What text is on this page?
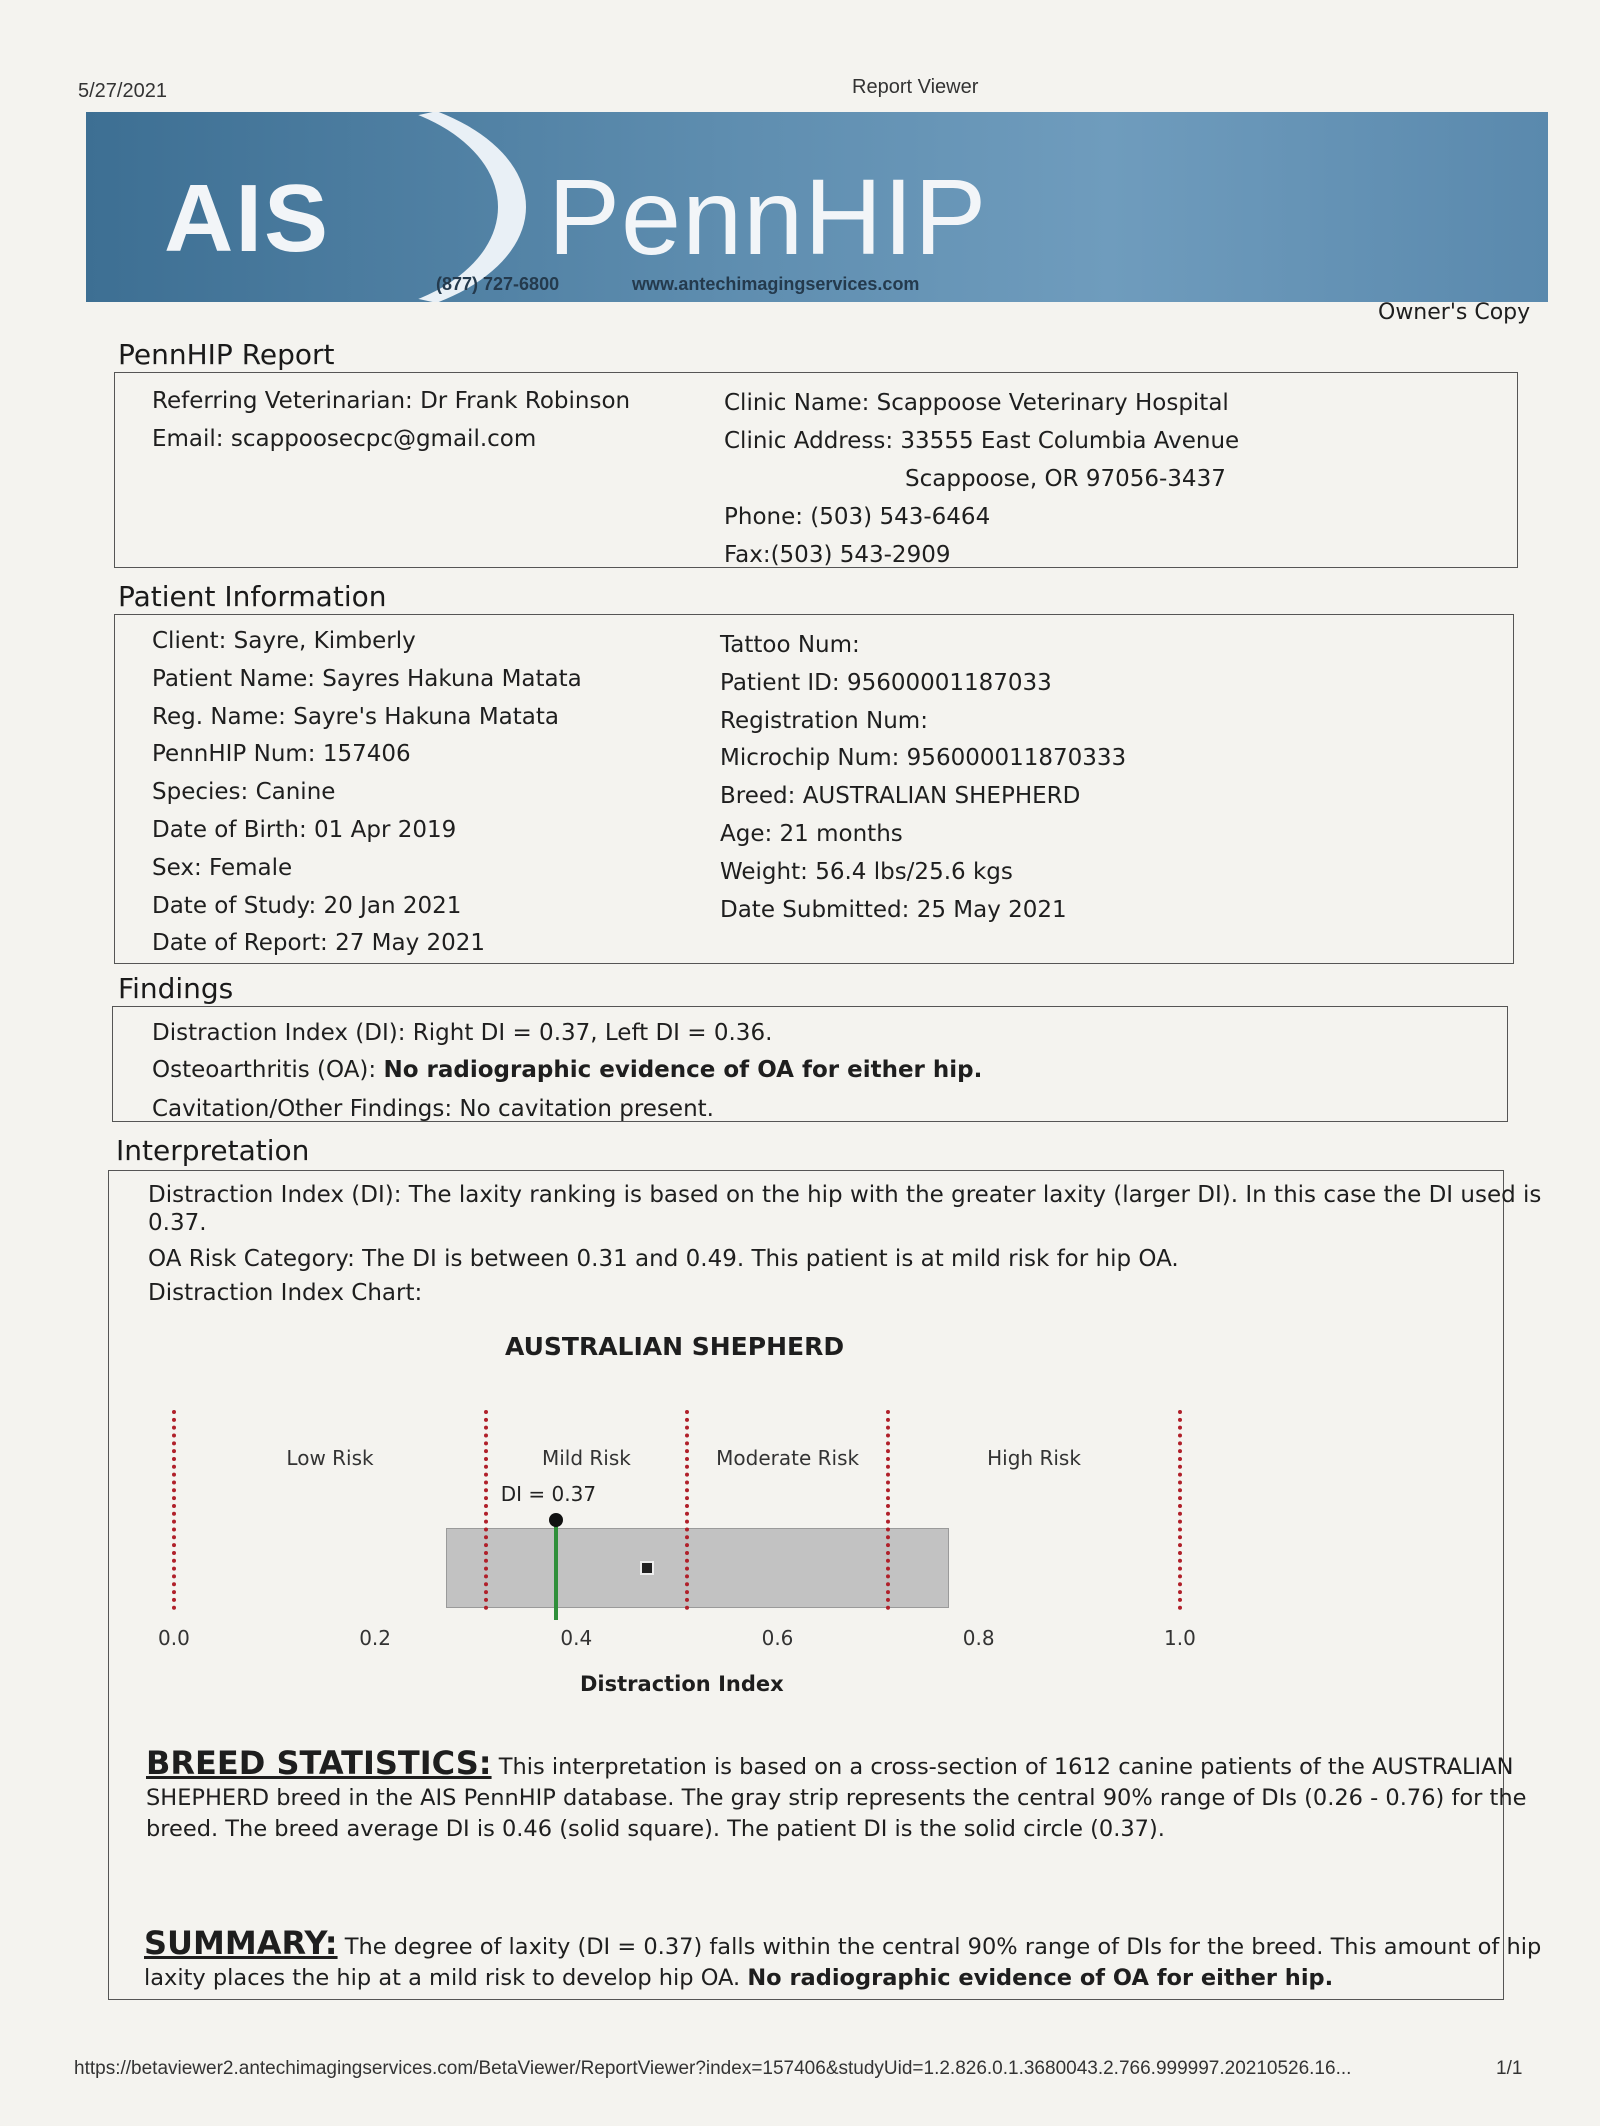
5/27/2021	Report Viewer
AIS PennHIP
(877) 727-6800	www.antechimagingservices.com
Owner's Copy
PennHIP Report
Referring Veterinarian: Dr Frank Robinson
Email: scappoosecpc@gmail.com
Clinic Name: Scappoose Veterinary Hospital
Clinic Address: 33555 East Columbia Avenue
Scappoose, OR 97056-3437
Phone: (503) 543-6464
Fax:(503) 543-2909
Patient Information
Client: Sayre, Kimberly
Patient Name: Sayres Hakuna Matata
Reg. Name: Sayre's Hakuna Matata
PennHIP Num: 157406
Species: Canine
Date of Birth: 01 Apr 2019
Sex: Female
Date of Study: 20 Jan 2021
Date of Report: 27 May 2021
Tattoo Num:
Patient ID: 95600001187033
Registration Num:
Microchip Num: 956000011870333
Breed: AUSTRALIAN SHEPHERD
Age: 21 months
Weight: 56.4 lbs/25.6 kgs
Date Submitted: 25 May 2021
Findings
Distraction Index (DI): Right DI = 0.37, Left DI = 0.36.
Osteoarthritis (OA): No radiographic evidence of OA for either hip.
Cavitation/Other Findings: No cavitation present.
Interpretation
Distraction Index (DI): The laxity ranking is based on the hip with the greater laxity (larger DI). In this case the DI used is
0.37.
OA Risk Category: The DI is between 0.31 and 0.49. This patient is at mild risk for hip OA.
Distraction Index Chart:
AUSTRALIAN SHEPHERD
Low Risk	Mild Risk	Moderate Risk	High Risk
0.0	0.2	0.4	0.6	0.8	1.0
DI = 0.37
Distraction Index
BREED STATISTICS: This interpretation is based on a cross-section of 1612 canine patients of the AUSTRALIAN
SHEPHERD breed in the AIS PennHIP database. The gray strip represents the central 90% range of DIs (0.26 - 0.76) for the
breed. The breed average DI is 0.46 (solid square). The patient DI is the solid circle (0.37).
SUMMARY: The degree of laxity (DI = 0.37) falls within the central 90% range of DIs for the breed. This amount of hip
laxity places the hip at a mild risk to develop hip OA. No radiographic evidence of OA for either hip.
https://betaviewer2.antechimagingservices.com/BetaViewer/ReportViewer?index=157406&studyUid=1.2.826.0.1.3680043.2.766.999997.20210526.16...	1/1
